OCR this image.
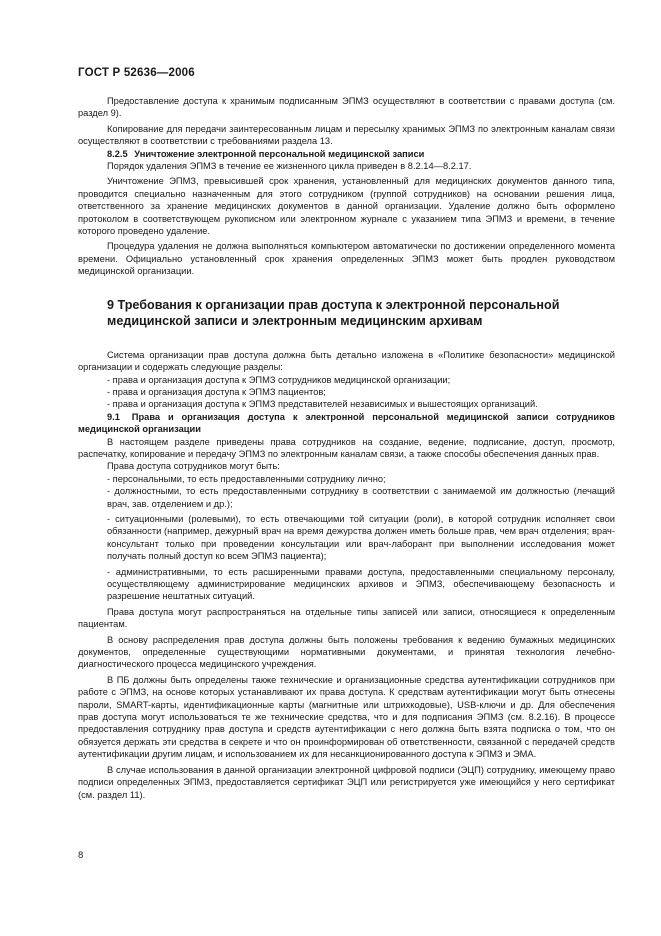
ГОСТ Р 52636—2006

Предоставление доступа к хранимым подписанным ЭПМЗ осуществляют в соответствии с правами доступа (см. раздел 9).

Копирование для передачи заинтересованным лицам и пересылку хранимых ЭПМЗ по электронным каналам связи осуществляют в соответствии с требованиями раздела 13.

8.2.5 Уничтожение электронной персональной медицинской записи

Порядок удаления ЭПМЗ в течение ее жизненного цикла приведен в 8.2.14—8.2.17.

Уничтожение ЭПМЗ, превысившей срок хранения, установленный для медицинских документов данного типа, проводится специально назначенным для этого сотрудником (группой сотрудников) на основании решения лица, ответственного за хранение медицинских документов в данной организации. Удаление должно быть оформлено протоколом в соответствующем рукописном или электронном журнале с указанием типа ЭПМЗ и времени, в течение которого проведено удаление.

Процедура удаления не должна выполняться компьютером автоматически по достижении определенного момента времени. Официально установленный срок хранения определенных ЭПМЗ может быть продлен руководством медицинской организации.

9 Требования к организации прав доступа к электронной персональной медицинской записи и электронным медицинским архивам

Система организации прав доступа должна быть детально изложена в «Политике безопасности» медицинской организации и содержать следующие разделы:

- права и организация доступа к ЭПМЗ сотрудников медицинской организации;

- права и организация доступа к ЭПМЗ пациентов;

- права и организация доступа к ЭПМЗ представителей независимых и вышестоящих организаций.

9.1 Права и организация доступа к электронной персональной медицинской записи сотрудников медицинской организации

В настоящем разделе приведены права сотрудников на создание, ведение, подписание, доступ, просмотр, распечатку, копирование и передачу ЭПМЗ по электронным каналам связи, а также способы обеспечения данных прав.

Права доступа сотрудников могут быть:

- персональными, то есть предоставленными сотруднику лично;

- должностными, то есть предоставленными сотруднику в соответствии с занимаемой им должностью (лечащий врач, зав. отделением и др.);

- ситуационными (ролевыми), то есть отвечающими той ситуации (роли), в которой сотрудник исполняет свои обязанности (например, дежурный врач на время дежурства должен иметь больше прав, чем врач отделения; врач-консультант только при проведении консультации или врач-лаборант при выполнении исследования может получать полный доступ ко всем ЭПМЗ пациента);

- административными, то есть расширенными правами доступа, предоставленными специальному персоналу, осуществляющему администрирование медицинских архивов и ЭПМЗ, обеспечивающему безопасность и разрешение нештатных ситуаций.

Права доступа могут распространяться на отдельные типы записей или записи, относящиеся к определенным пациентам.

В основу распределения прав доступа должны быть положены требования к ведению бумажных медицинских документов, определенные существующими нормативными документами, и принятая технология лечебно-диагностического процесса медицинского учреждения.

В ПБ должны быть определены также технические и организационные средства аутентификации сотрудников при работе с ЭПМЗ, на основе которых устанавливают их права доступа. К средствам аутентификации могут быть отнесены пароли, SMART-карты, идентификационные карты (магнитные или штрихкодовые), USB-ключи и др. Для обеспечения прав доступа могут использоваться те же технические средства, что и для подписания ЭПМЗ (см. 8.2.16). В процессе предоставления сотруднику прав доступа и средств аутентификации с него должна быть взята подписка о том, что он обязуется держать эти средства в секрете и что он проинформирован об ответственности, связанной с передачей средств аутентификации другим лицам, и использованием их для несанкционированного доступа к ЭПМЗ и ЭМА.

В случае использования в данной организации электронной цифровой подписи (ЭЦП) сотруднику, имеющему право подписи определенных ЭПМЗ, предоставляется сертификат ЭЦП или регистрируется уже имеющийся у него сертификат (см. раздел 11).

8
